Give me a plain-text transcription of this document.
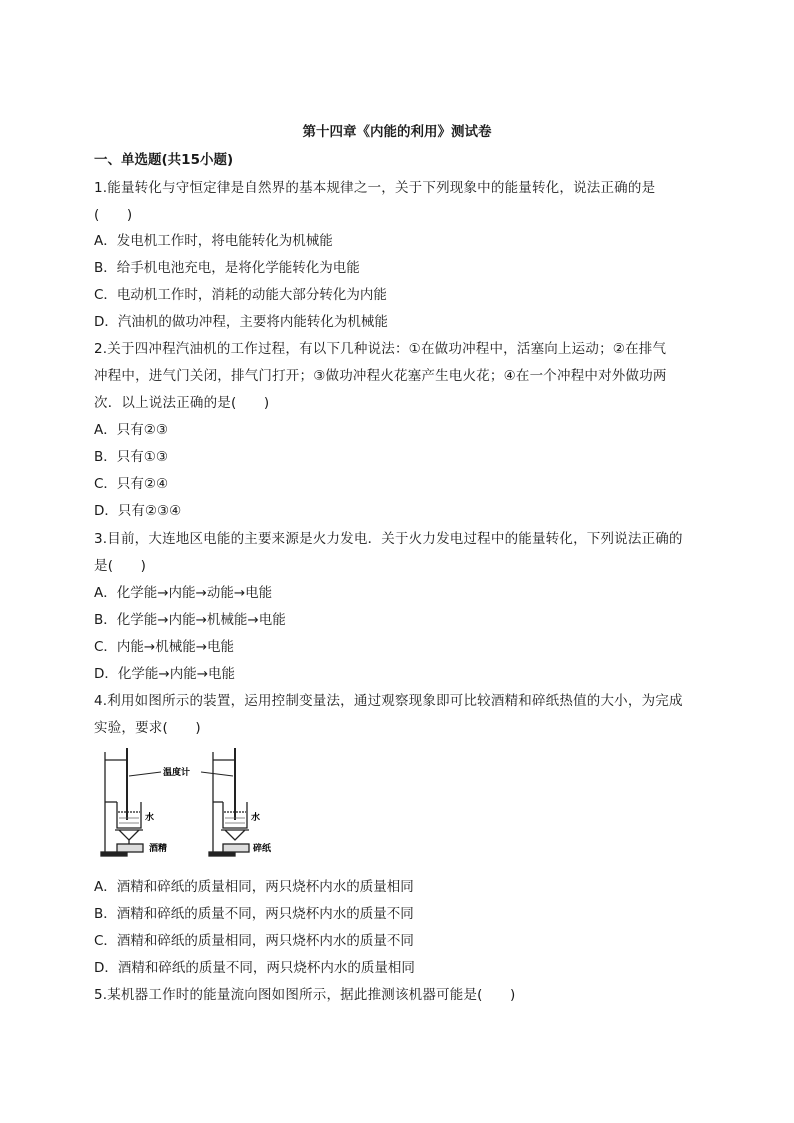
第十四章《内能的利用》测试卷
一、单选题(共15小题)
1.能量转化与守恒定律是自然界的基本规律之一，关于下列现象中的能量转化，说法正确的是
(　　)
A．发电机工作时，将电能转化为机械能
B．给手机电池充电，是将化学能转化为电能
C．电动机工作时，消耗的动能大部分转化为内能
D．汽油机的做功冲程，主要将内能转化为机械能
2.关于四冲程汽油机的工作过程，有以下几种说法：①在做功冲程中，活塞向上运动；②在排气
冲程中，进气门关闭，排气门打开；③做功冲程火花塞产生电火花；④在一个冲程中对外做功两
次．以上说法正确的是(　　)
A．只有②③
B．只有①③
C．只有②④
D．只有②③④
3.目前，大连地区电能的主要来源是火力发电．关于火力发电过程中的能量转化，下列说法正确的
是(　　)
A．化学能→内能→动能→电能
B．化学能→内能→机械能→电能
C．内能→机械能→电能
D．化学能→内能→电能
4.利用如图所示的装置，运用控制变量法，通过观察现象即可比较酒精和碎纸热值的大小，为完成
实验，要求(　　)
温度计
水	水
酒精	碎纸
A．酒精和碎纸的质量相同，两只烧杯内水的质量相同
B．酒精和碎纸的质量不同，两只烧杯内水的质量不同
C．酒精和碎纸的质量相同，两只烧杯内水的质量不同
D．酒精和碎纸的质量不同，两只烧杯内水的质量相同
5.某机器工作时的能量流向图如图所示，据此推测该机器可能是(　　)
